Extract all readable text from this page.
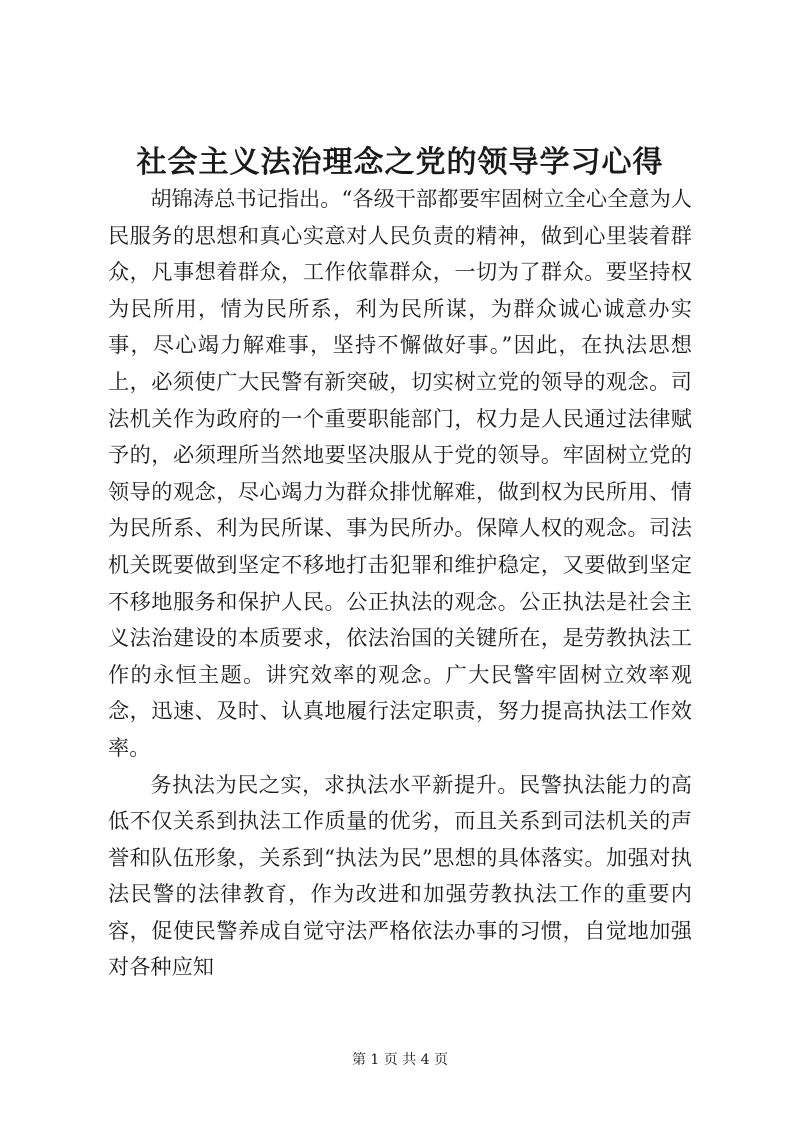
社会主义法治理念之党的领导学习心得

胡锦涛总书记指出。“各级干部都要牢固树立全心全意为人民服务的思想和真心实意对人民负责的精神，做到心里装着群众，凡事想着群众，工作依靠群众，一切为了群众。要坚持权为民所用，情为民所系，利为民所谋，为群众诚心诚意办实事，尽心竭力解难事，坚持不懈做好事。”因此，在执法思想上，必须使广大民警有新突破，切实树立党的领导的观念。司法机关作为政府的一个重要职能部门，权力是人民通过法律赋予的，必须理所当然地要坚决服从于党的领导。牢固树立党的领导的观念，尽心竭力为群众排忧解难，做到权为民所用、情为民所系、利为民所谋、事为民所办。保障人权的观念。司法机关既要做到坚定不移地打击犯罪和维护稳定，又要做到坚定不移地服务和保护人民。公正执法的观念。公正执法是社会主义法治建设的本质要求，依法治国的关键所在，是劳教执法工作的永恒主题。讲究效率的观念。广大民警牢固树立效率观念，迅速、及时、认真地履行法定职责，努力提高执法工作效率。

务执法为民之实，求执法水平新提升。民警执法能力的高低不仅关系到执法工作质量的优劣，而且关系到司法机关的声誉和队伍形象，关系到“执法为民”思想的具体落实。加强对执法民警的法律教育，作为改进和加强劳教执法工作的重要内容，促使民警养成自觉守法严格依法办事的习惯，自觉地加强对各种应知

第 1 页 共 4 页
